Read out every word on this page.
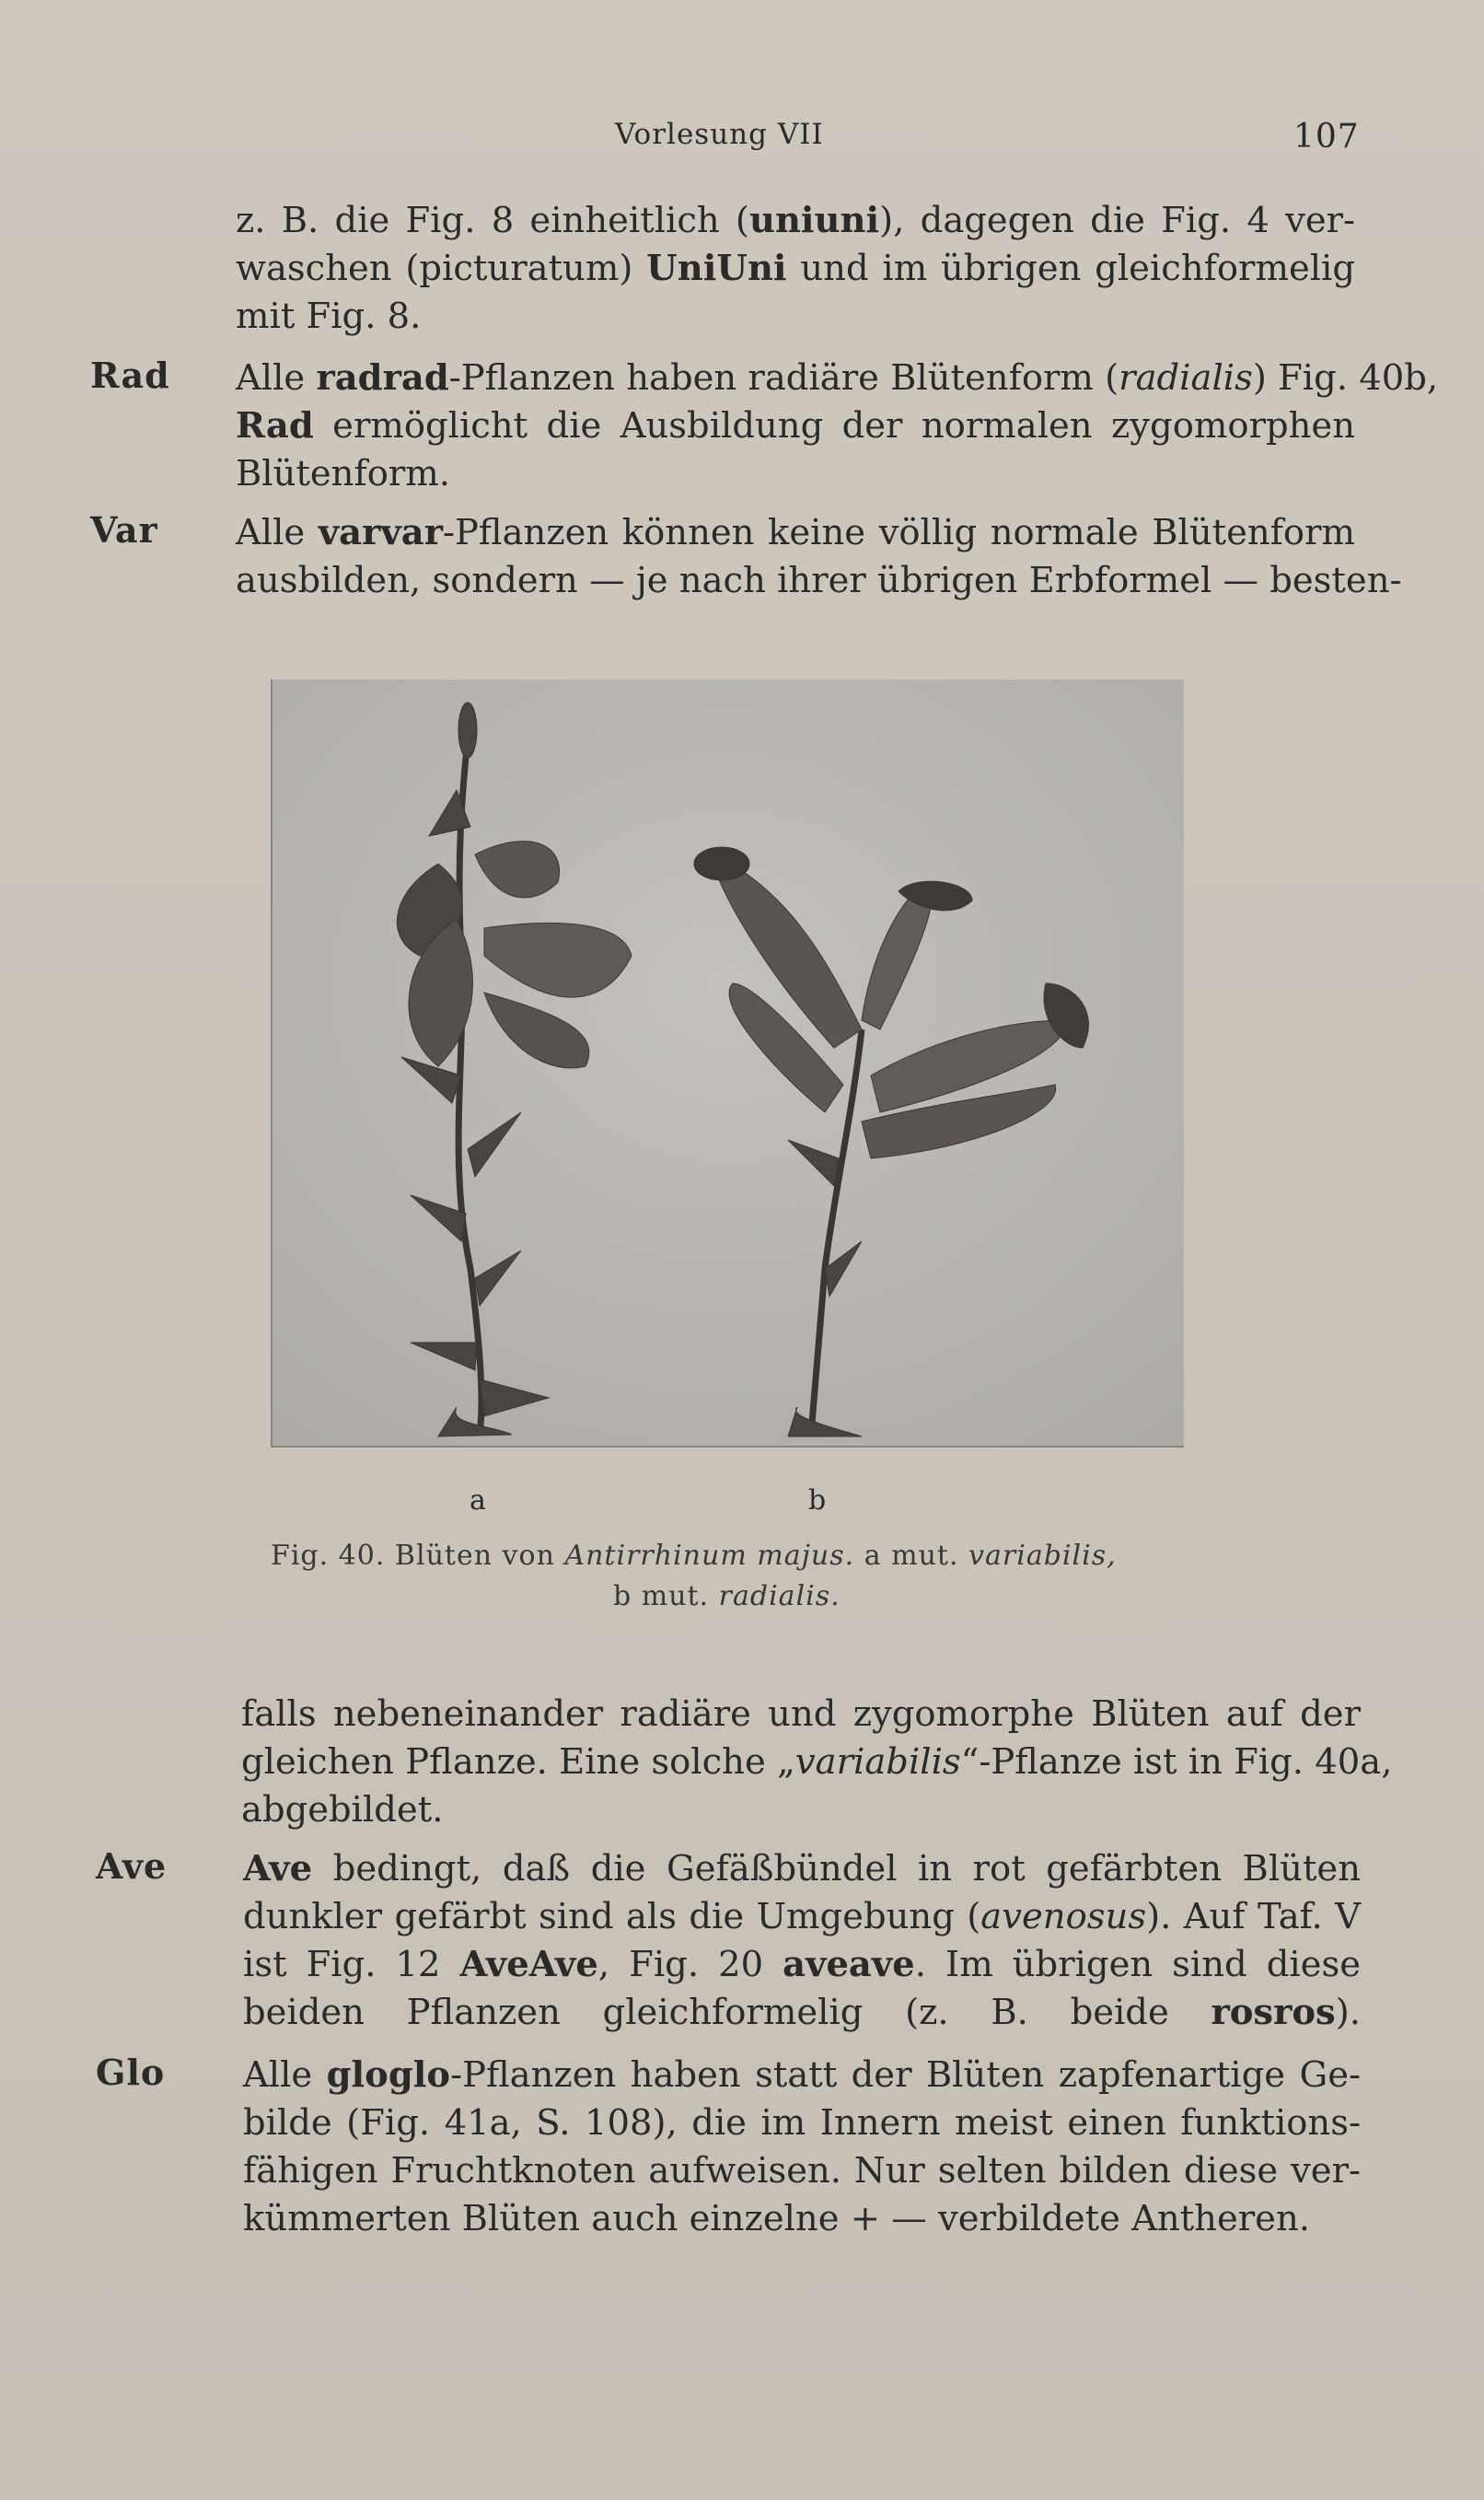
Vorlesung VII	107
z. B. die Fig. 8 einheitlich (uniuni), dagegen die Fig. 4 ver-
waschen (picturatum) UniUni und im übrigen gleichformelig
mit Fig. 8.
Rad Alle radrad-Pflanzen haben radiäre Blütenform (radialis) Fig. 40b,
Rad ermöglicht die Ausbildung der normalen zygomorphen
Blütenform.
Var Alle varvar-Pflanzen können keine völlig normale Blütenform
ausbilden, sondern — je nach ihrer übrigen Erbformel — besten-
a	b
Fig. 40. Blüten von Antirrhinum majus. a mut. variabilis,
b mut. radialis.
falls nebeneinander radiäre und zygomorphe Blüten auf der
gleichen Pflanze. Eine solche „variabilis“-Pflanze ist in Fig. 40a,
abgebildet.
Ave Ave bedingt, daß die Gefäßbündel in rot gefärbten Blüten
dunkler gefärbt sind als die Umgebung (avenosus). Auf Taf. V
ist Fig. 12 AveAve, Fig. 20 aveave. Im übrigen sind diese
beiden Pflanzen gleichformelig (z. B. beide rosros).
Glo Alle gloglo-Pflanzen haben statt der Blüten zapfenartige Ge-
bilde (Fig. 41a, S. 108), die im Innern meist einen funktions-
fähigen Fruchtknoten aufweisen. Nur selten bilden diese ver-
kümmerten Blüten auch einzelne + — verbildete Antheren.
